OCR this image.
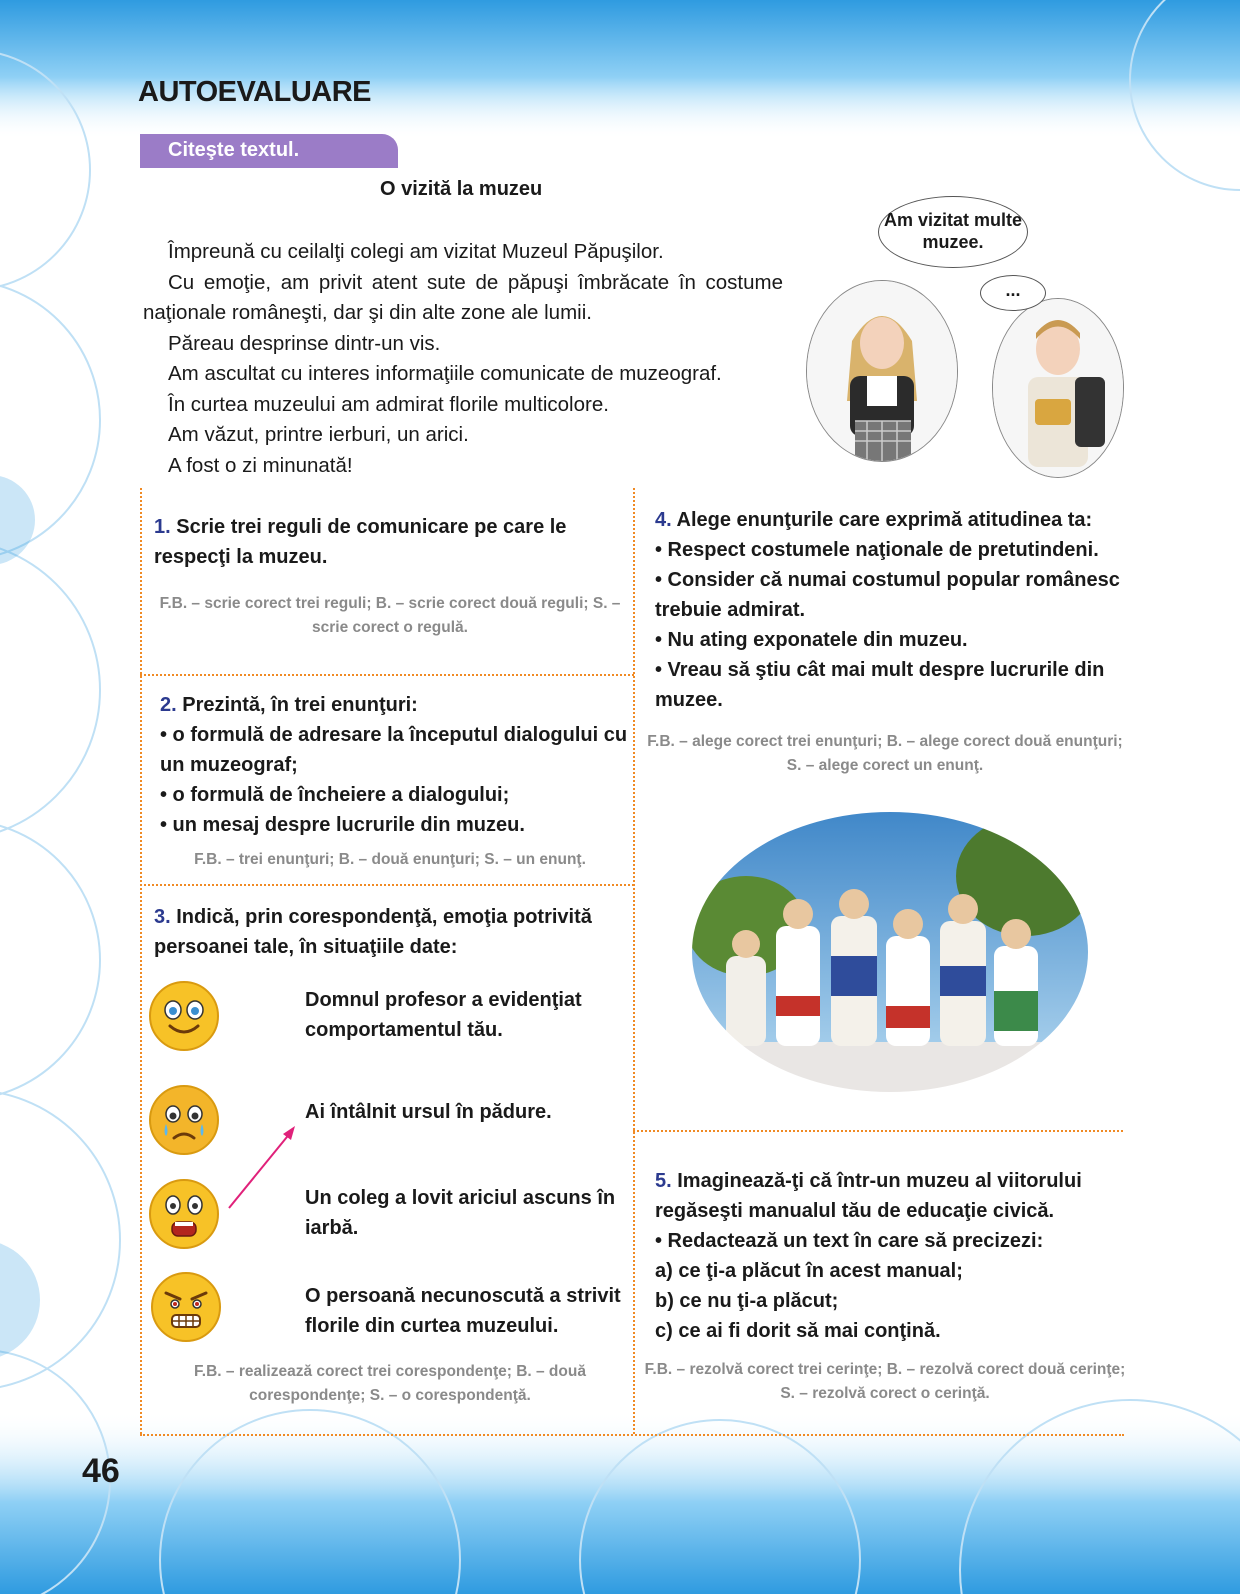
AUTOEVALUARE
Citeşte textul.
O vizită la muzeu

Împreună cu ceilalţi colegi am vizitat Muzeul Păpuşilor.

Cu emoţie, am privit atent sute de păpuşi îmbrăcate în costume naţionale româneşti, dar şi din alte zone ale lumii.

Păreau desprinse dintr-un vis.

Am ascultat cu interes informaţiile comunicate de muzeograf.

În curtea muzeului am admirat florile multicolore.

Am văzut, printre ierburi, un arici.

A fost o zi minunată!

Am vizitat multe muzee.
...

1. Scrie trei reguli de comunicare pe care le respecţi la muzeu.

F.B. – scrie corect trei reguli; B. – scrie corect două reguli; S. – scrie corect o regulă.

2. Prezintă, în trei enunţuri:

• o formulă de adresare la începutul dialogului cu un muzeograf;

• o formulă de încheiere a dialogului;

• un mesaj despre lucrurile din muzeu.

F.B. – trei enunţuri; B. – două enunţuri; S. – un enunţ.

3. Indică, prin corespondenţă, emoţia potrivită persoanei tale, în situaţiile date:

Domnul profesor a evidenţiat comportamentul tău.
Ai întâlnit ursul în pădure.
Un coleg a lovit ariciul ascuns în iarbă.
O persoană necunoscută a strivit florile din curtea muzeului.
F.B. – realizează corect trei corespondenţe; B. – două corespondenţe; S. – o corespondenţă.

4. Alege enunţurile care exprimă atitudinea ta:

• Respect costumele naţionale de pretutindeni.

• Consider că numai costumul popular românesc trebuie admirat.

• Nu ating exponatele din muzeu.

• Vreau să ştiu cât mai mult despre lucrurile din muzee.

F.B. – alege corect trei enunţuri; B. – alege corect două enunţuri; S. – alege corect un enunţ.

5. Imaginează-ţi că într-un muzeu al viitorului regăseşti manualul tău de educaţie civică.

• Redactează un text în care să precizezi:

a) ce ţi-a plăcut în acest manual;

b) ce nu ţi-a plăcut;

c) ce ai fi dorit să mai conţină.

F.B. – rezolvă corect trei cerinţe; B. – rezolvă corect două cerinţe; S. – rezolvă corect o cerinţă.
46
